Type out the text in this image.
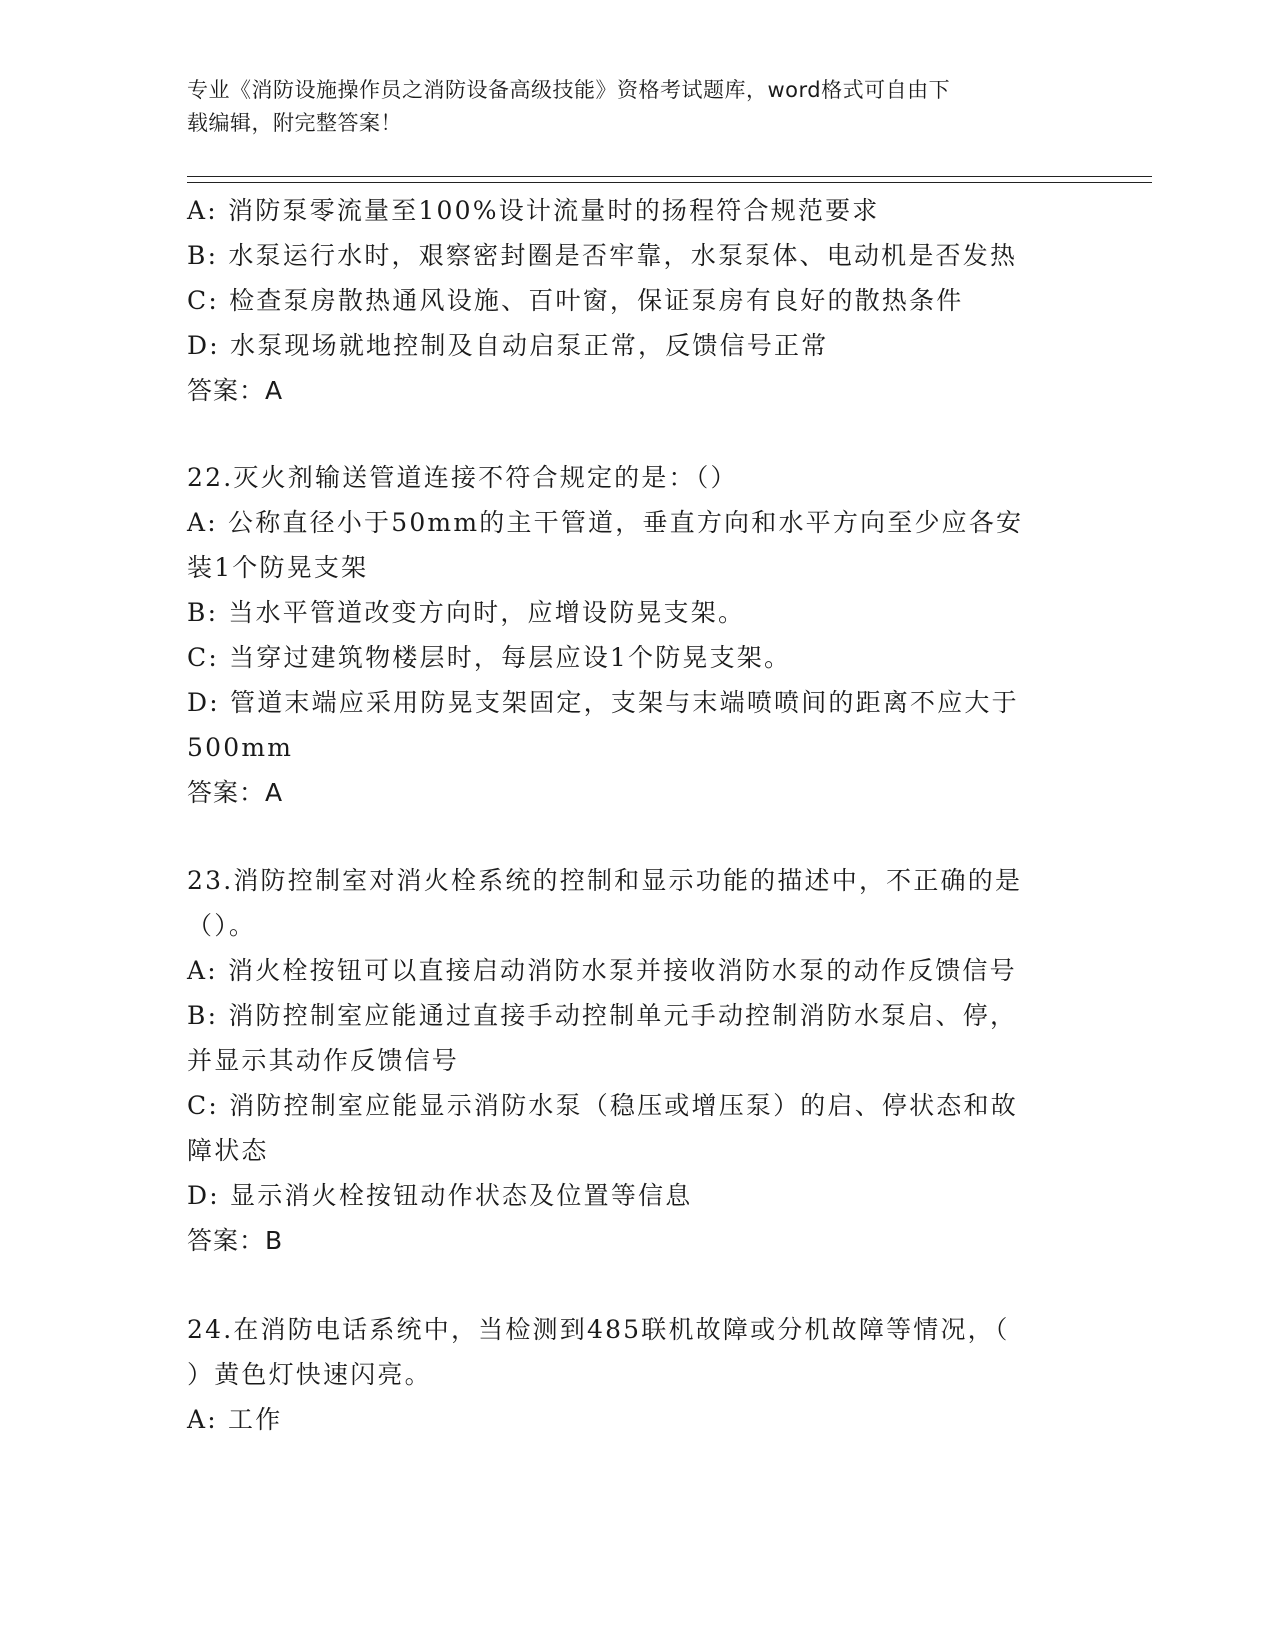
专业《消防设施操作员之消防设备高级技能》资格考试题库，word格式可自由下
载编辑，附完整答案！
A: 消防泵零流量至100%设计流量时的扬程符合规范要求
B: 水泵运行水时，艰察密封圈是否牢靠，水泵泵体、电动机是否发热
C: 检查泵房散热通风设施、百叶窗，保证泵房有良好的散热条件
D: 水泵现场就地控制及自动启泵正常，反馈信号正常
答案：A
22.灭火剂输送管道连接不符合规定的是：（）
A: 公称直径小于50mm的主干管道，垂直方向和水平方向至少应各安
装1个防晃支架
B: 当水平管道改变方向时，应增设防晃支架。
C: 当穿过建筑物楼层时，每层应设1个防晃支架。
D: 管道末端应采用防晃支架固定，支架与末端喷喷间的距离不应大于
500mm
答案：A
23.消防控制室对消火栓系统的控制和显示功能的描述中，不正确的是
（）。
A: 消火栓按钮可以直接启动消防水泵并接收消防水泵的动作反馈信号
B: 消防控制室应能通过直接手动控制单元手动控制消防水泵启、停，
并显示其动作反馈信号
C: 消防控制室应能显示消防水泵（稳压或增压泵）的启、停状态和故
障状态
D: 显示消火栓按钮动作状态及位置等信息
答案：B
24.在消防电话系统中，当检测到485联机故障或分机故障等情况，（
）黄色灯快速闪亮。
A: 工作
